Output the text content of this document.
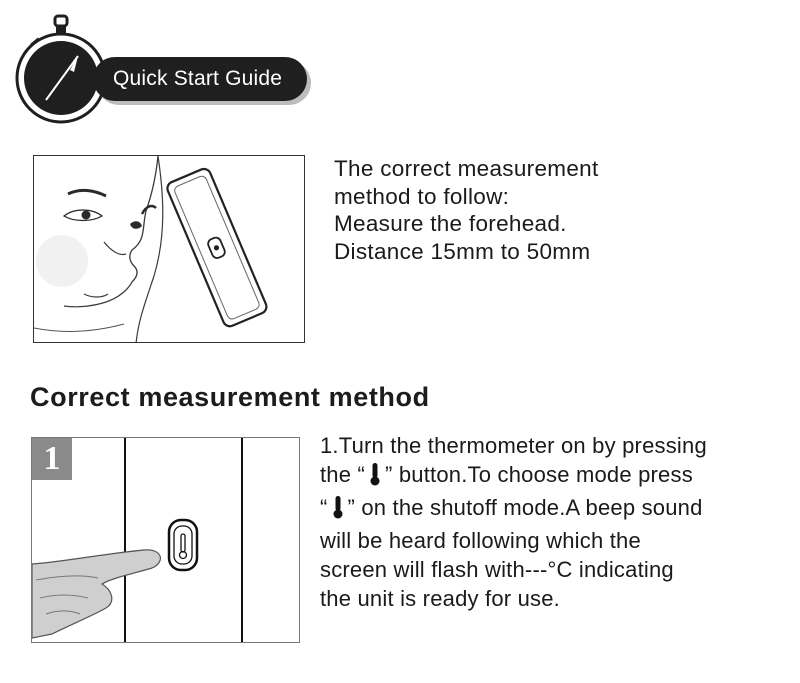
Quick Start Guide
The correct measurement
method to follow:
Measure the forehead.
Distance 15mm to 50mm
Correct measurement method
1	1.Turn the thermometer on by pressing
the “ ” button.To choose mode press
“ ” on the shutoff mode.A beep sound
will be heard following which the
screen will flash with---°C indicating
the unit is ready for use.
